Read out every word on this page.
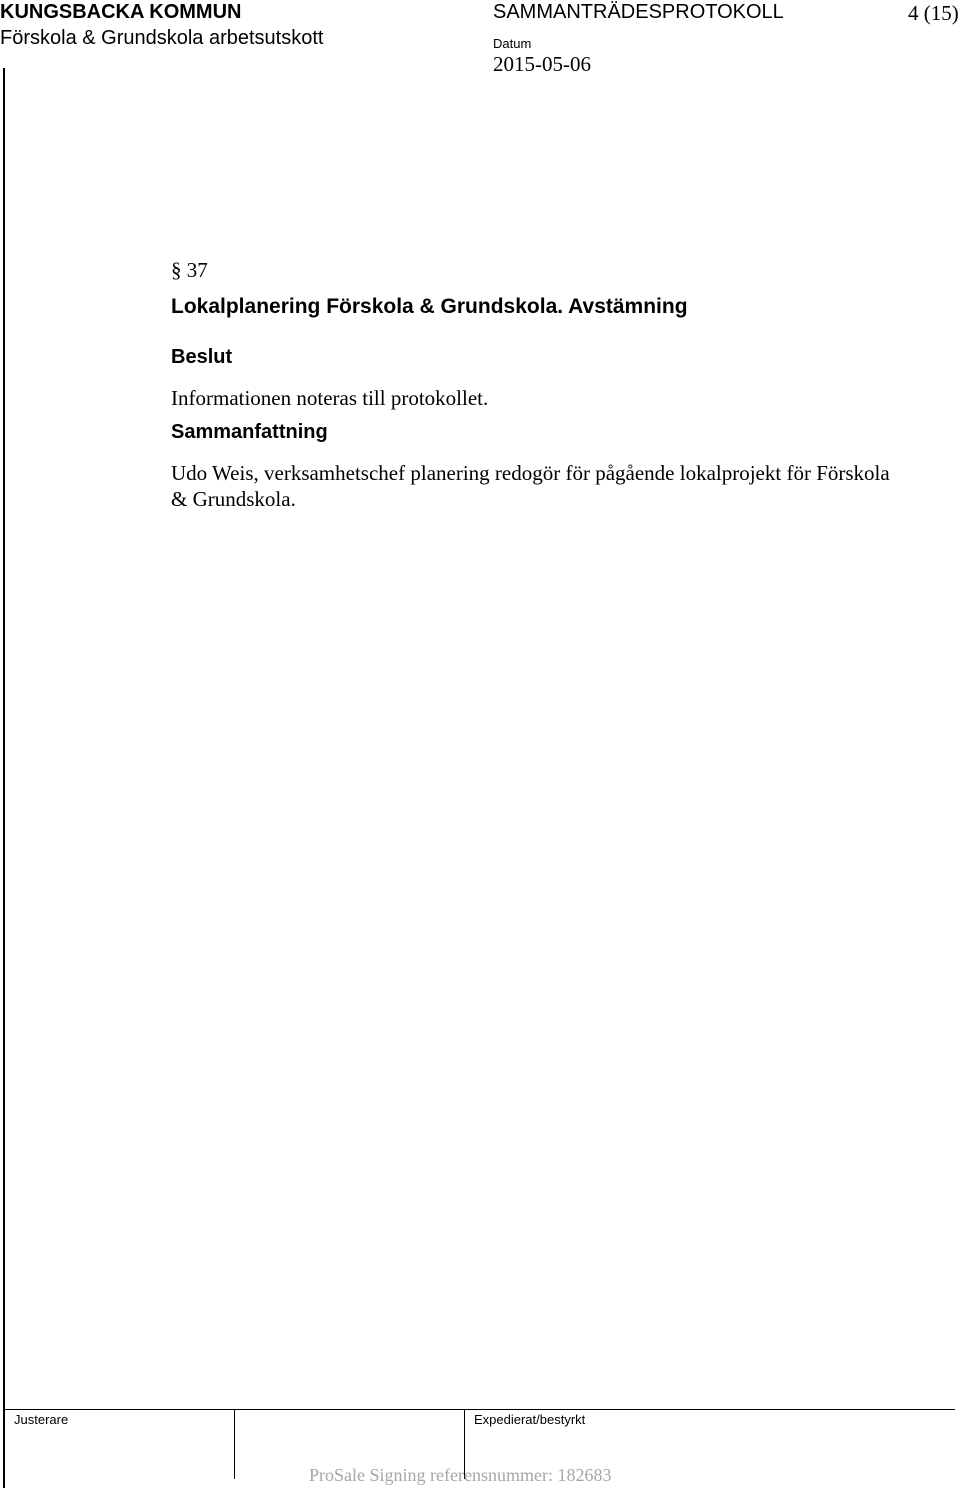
KUNGSBACKA KOMMUN
Förskola & Grundskola arbetsutskott
SAMMANTRÄDESPROTOKOLL	4 (15)
Datum
2015-05-06
§ 37
Lokalplanering Förskola & Grundskola. Avstämning
Beslut
Informationen noteras till protokollet.
Sammanfattning
Udo Weis, verksamhetschef planering redogör för pågående lokalprojekt för Förskola & Grundskola.
Justerare	Expedierat/bestyrkt
ProSale Signing referensnummer: 182683
